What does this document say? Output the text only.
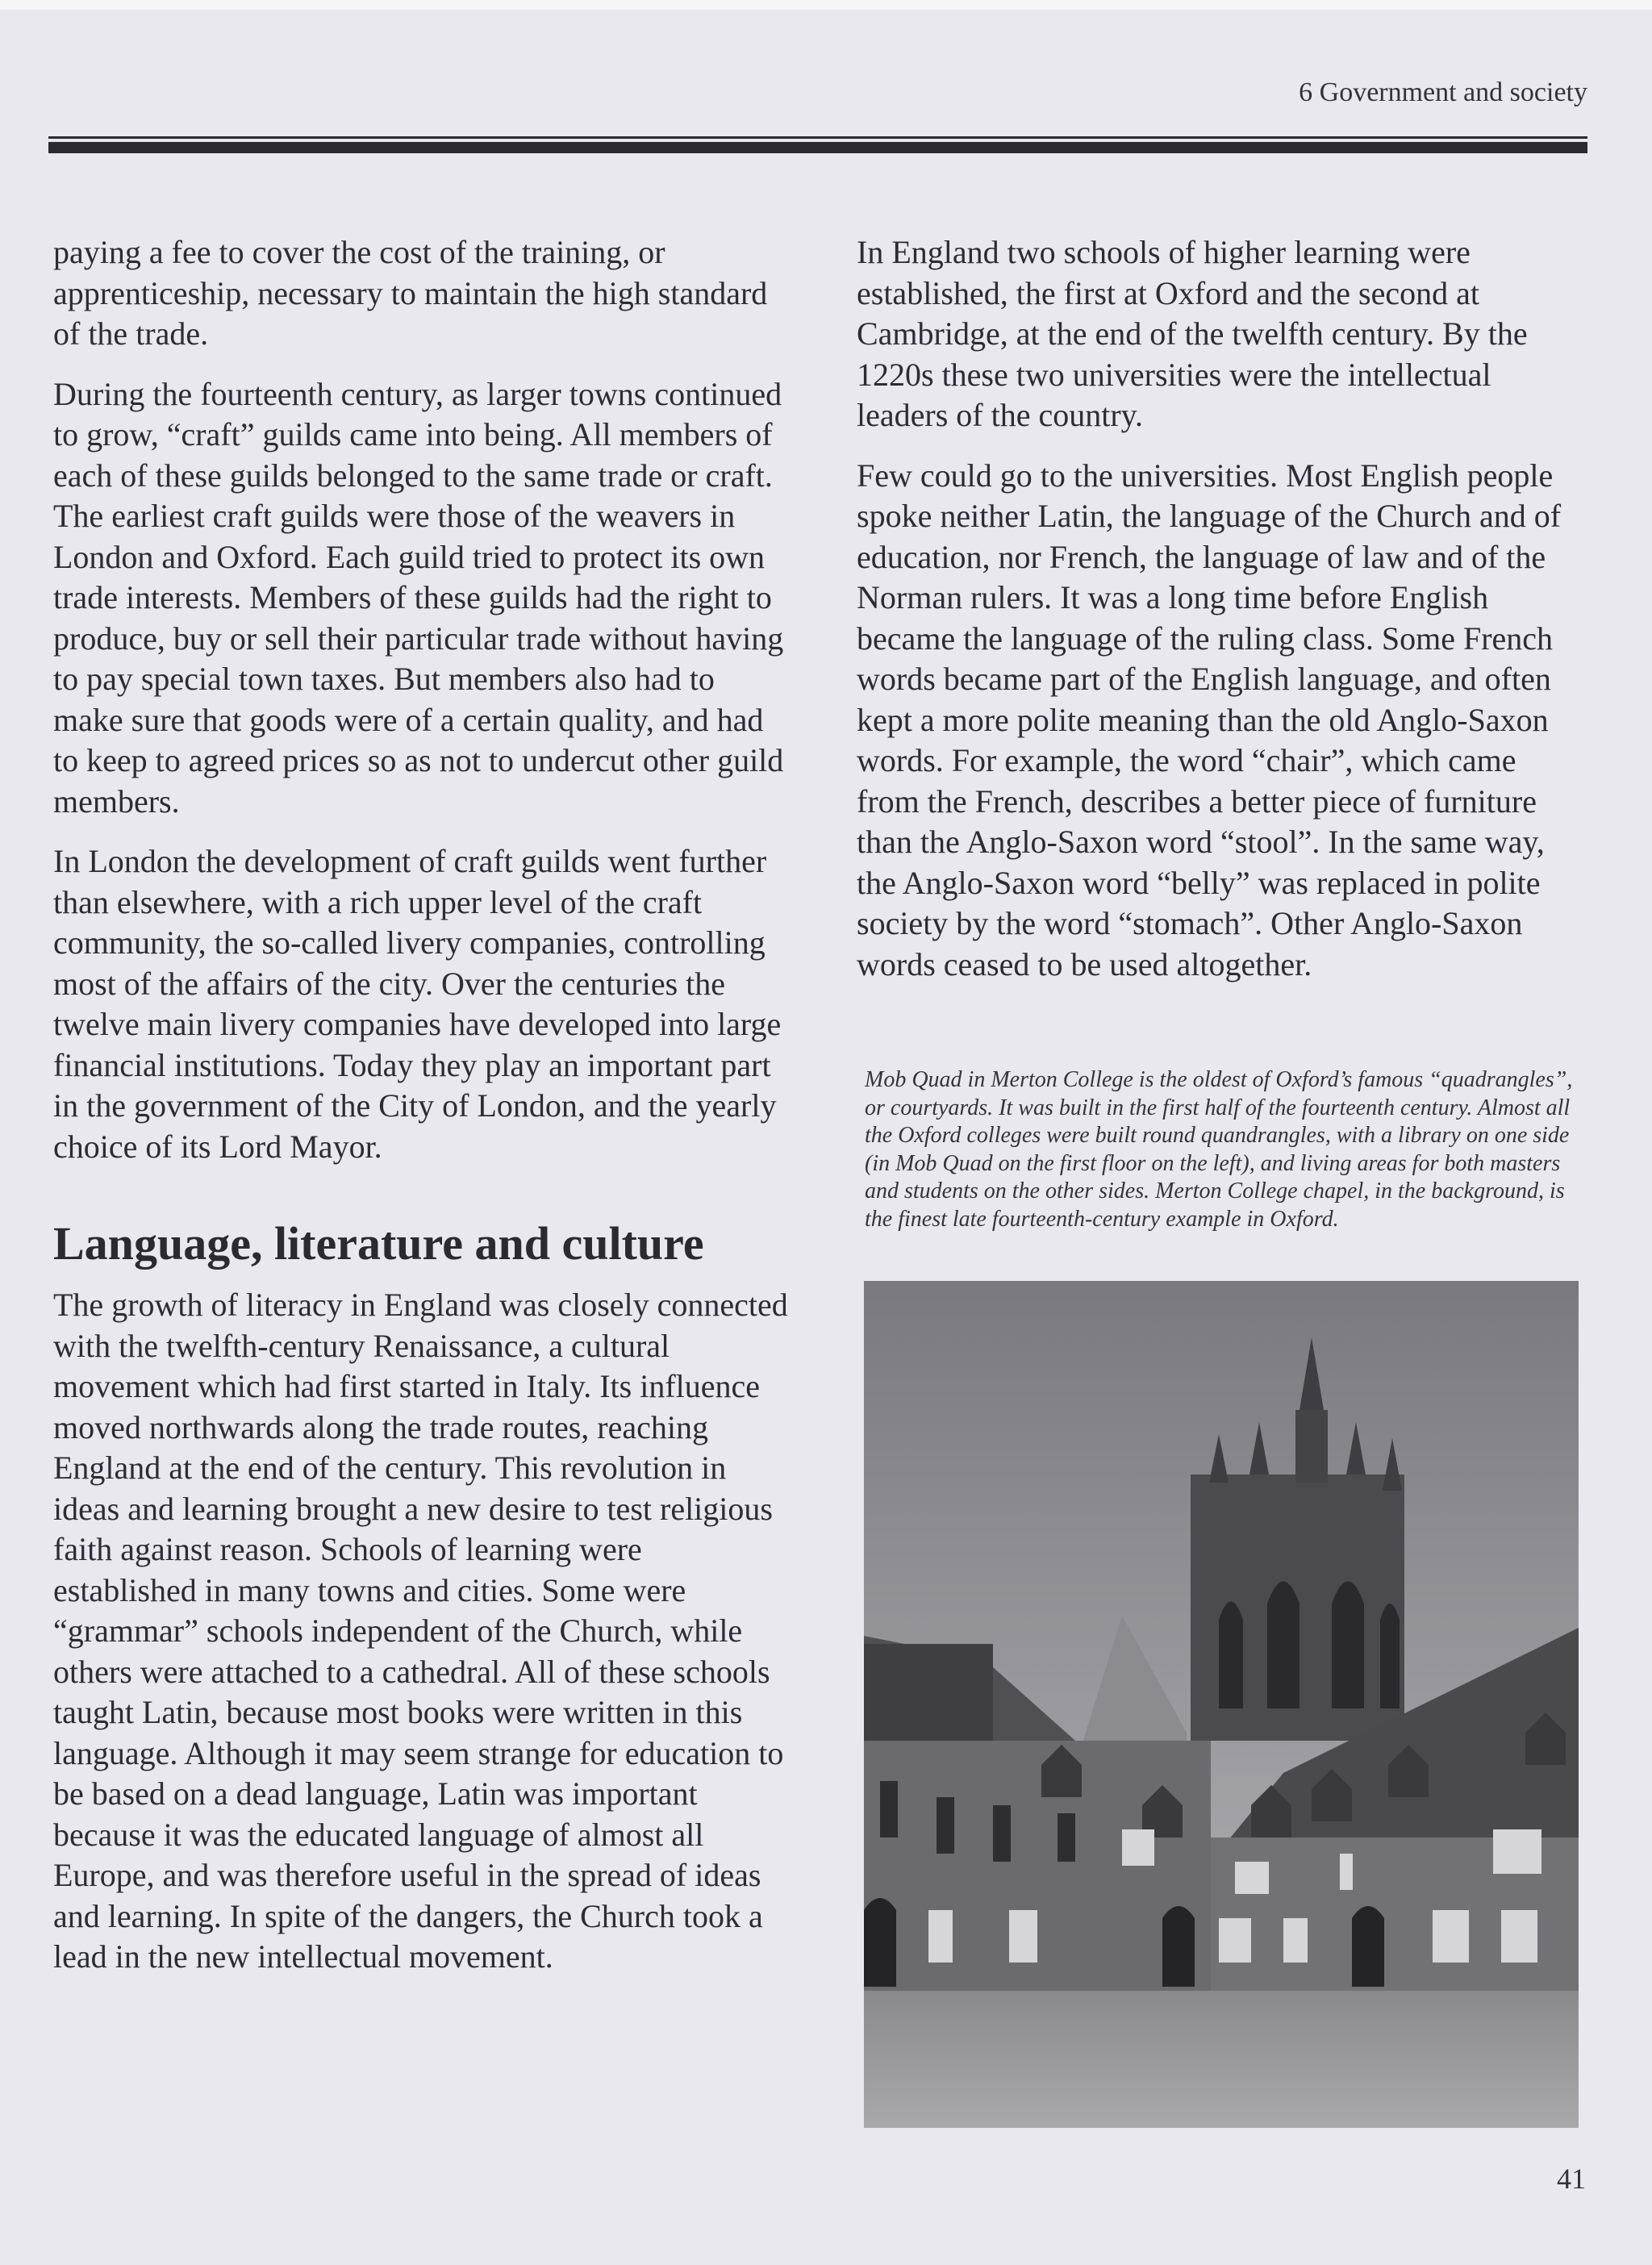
6 Government and society

paying a fee to cover the cost of the training, or apprenticeship, necessary to maintain the high standard of the trade.

During the fourteenth century, as larger towns continued to grow, “craft” guilds came into being. All members of each of these guilds belonged to the same trade or craft. The earliest craft guilds were those of the weavers in London and Oxford. Each guild tried to protect its own trade interests. Members of these guilds had the right to produce, buy or sell their particular trade without having to pay special town taxes. But members also had to make sure that goods were of a certain quality, and had to keep to agreed prices so as not to undercut other guild members.

In London the development of craft guilds went further than elsewhere, with a rich upper level of the craft community, the so-called livery companies, controlling most of the affairs of the city. Over the centuries the twelve main livery companies have developed into large financial institutions. Today they play an important part in the government of the City of London, and the yearly choice of its Lord Mayor.

Language, literature and culture

The growth of literacy in England was closely connected with the twelfth-century Renaissance, a cultural movement which had first started in Italy. Its influence moved northwards along the trade routes, reaching England at the end of the century. This revolution in ideas and learning brought a new desire to test religious faith against reason. Schools of learning were established in many towns and cities. Some were “grammar” schools independent of the Church, while others were attached to a cathedral. All of these schools taught Latin, because most books were written in this language. Although it may seem strange for education to be based on a dead language, Latin was important because it was the educated language of almost all Europe, and was therefore useful in the spread of ideas and learning. In spite of the dangers, the Church took a lead in the new intellectual movement.

In England two schools of higher learning were established, the first at Oxford and the second at Cambridge, at the end of the twelfth century. By the 1220s these two universities were the intellectual leaders of the country.

Few could go to the universities. Most English people spoke neither Latin, the language of the Church and of education, nor French, the language of law and of the Norman rulers. It was a long time before English became the language of the ruling class. Some French words became part of the English language, and often kept a more polite meaning than the old Anglo-Saxon words. For example, the word “chair”, which came from the French, describes a better piece of furniture than the Anglo-Saxon word “stool”. In the same way, the Anglo-Saxon word “belly” was replaced in polite society by the word “stomach”. Other Anglo-Saxon words ceased to be used altogether.

Mob Quad in Merton College is the oldest of Oxford’s famous “quadrangles”, or courtyards. It was built in the first half of the fourteenth century. Almost all the Oxford colleges were built round quandrangles, with a library on one side (in Mob Quad on the first floor on the left), and living areas for both masters and students on the other sides. Merton College chapel, in the background, is the finest late fourteenth-century example in Oxford.

41
